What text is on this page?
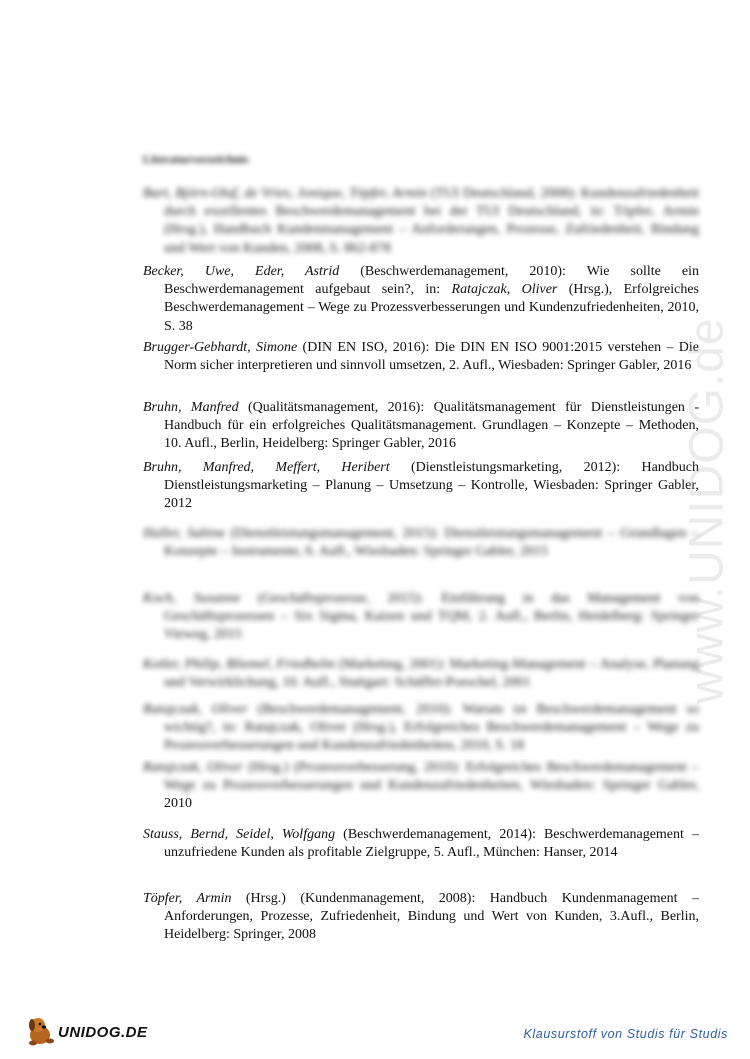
Literaturverzeichnis
Bart, Björn-Olaf, de Vries, Jonique, Töpfer, Armin (TUI Deutschland, 2008): Kundenzufriedenheit durch exzellentes Beschwerdemanagement bei der TUI Deutschland, in: Töpfer, Armin (Hrsg.), Handbuch Kundenmanagement – Anforderungen, Prozesse, Zufriedenheit, Bindung und Wert von Kunden, 2008, S. 862-878
Becker, Uwe, Eder, Astrid (Beschwerdemanagement, 2010): Wie sollte ein Beschwerdemanagement aufgebaut sein?, in: Ratajczak, Oliver (Hrsg.), Erfolgreiches Beschwerdemanagement – Wege zu Prozessverbesserungen und Kundenzufriedenheiten, 2010, S. 38
Brugger-Gebhardt, Simone (DIN EN ISO, 2016): Die DIN EN ISO 9001:2015 verstehen – Die Norm sicher interpretieren und sinnvoll umsetzen, 2. Aufl., Wiesbaden: Springer Gabler, 2016
Bruhn, Manfred (Qualitätsmanagement, 2016): Qualitätsmanagement für Dienstleistungen - Handbuch für ein erfolgreiches Qualitätsmanagement. Grundlagen – Konzepte – Methoden, 10. Aufl., Berlin, Heidelberg: Springer Gabler, 2016
Bruhn, Manfred, Meffert, Heribert (Dienstleistungsmarketing, 2012): Handbuch Dienstleistungsmarketing – Planung – Umsetzung – Kontrolle, Wiesbaden: Springer Gabler, 2012
Haller, Sabine (Dienstleistungsmanagement, 2015): Dienstleistungsmanagement – Grundlagen – Konzepte – Instrumente, 6. Aufl., Wiesbaden: Springer Gabler, 2015
Koch, Susanne (Geschäftsprozesse, 2015): Einführung in das Management von Geschäftsprozessen – Six Sigma, Kaizen und TQM, 2. Aufl., Berlin, Heidelberg: Springer Vieweg, 2015
Kotler, Philip, Bliemel, Friedhelm (Marketing, 2001): Marketing-Management – Analyse, Planung und Verwirklichung, 10. Aufl., Stuttgart: Schäffer-Poeschel, 2001
Ratajczak, Oliver (Beschwerdemanagement, 2010): Warum ist Beschwerdemanagement so wichtig?, in: Ratajczak, Oliver (Hrsg.), Erfolgreiches Beschwerdemanagement – Wege zu Prozessverbesserungen und Kundenzufriedenheiten, 2010, S. 18
Ratajczak, Oliver (Hrsg.) (Prozessverbesserung, 2010): Erfolgreiches Beschwerdemanagement – Wege zu Prozessverbesserungen und Kundenzufriedenheiten, Wiesbaden: Springer Gabler,
2010
Stauss, Bernd, Seidel, Wolfgang (Beschwerdemanagement, 2014): Beschwerdemanagement – unzufriedene Kunden als profitable Zielgruppe, 5. Aufl., München: Hanser, 2014
Töpfer, Armin (Hrsg.) (Kundenmanagement, 2008): Handbuch Kundenmanagement – Anforderungen, Prozesse, Zufriedenheit, Bindung und Wert von Kunden, 3.Aufl., Berlin, Heidelberg: Springer, 2008
www.UNIDOG.de
UNIDOG.DE	Klausurstoff von Studis für Studis
